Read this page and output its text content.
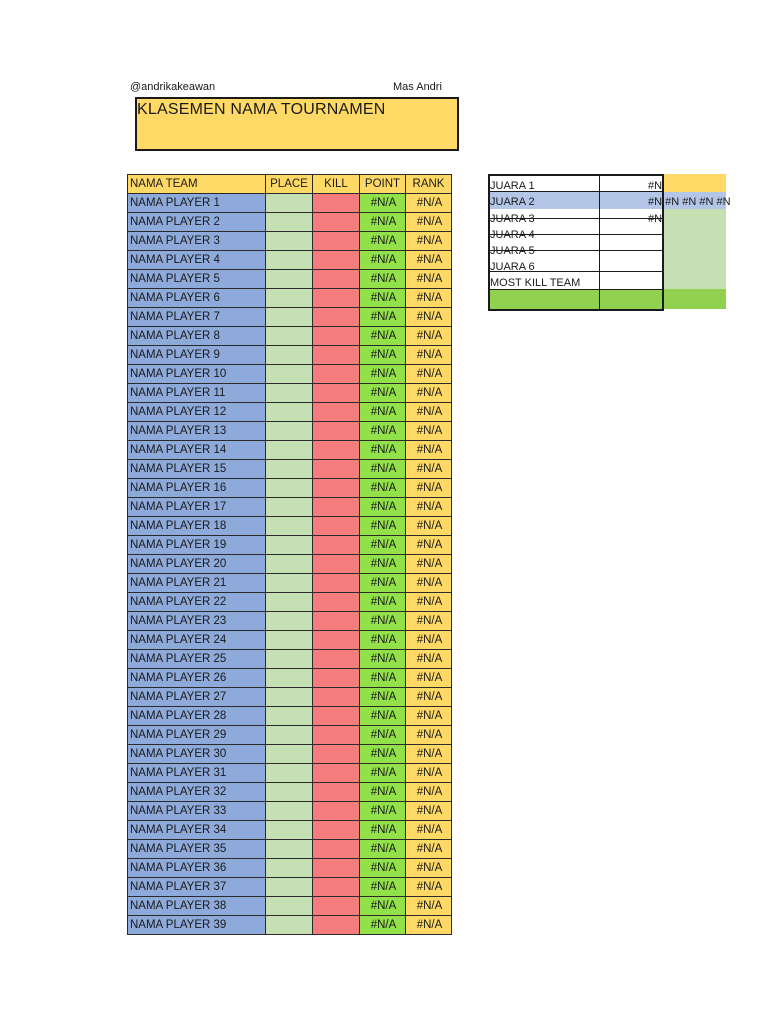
@andrikakeawan	Mas Andri
KLASEMEN NAMA TOURNAMEN
NAMA TEAM	PLACE	KILL	POINT	RANK
NAMA PLAYER 1			#N/A	#N/A
NAMA PLAYER 2			#N/A	#N/A
NAMA PLAYER 3			#N/A	#N/A
NAMA PLAYER 4			#N/A	#N/A
NAMA PLAYER 5			#N/A	#N/A
NAMA PLAYER 6			#N/A	#N/A
NAMA PLAYER 7			#N/A	#N/A
NAMA PLAYER 8			#N/A	#N/A
NAMA PLAYER 9			#N/A	#N/A
NAMA PLAYER 10			#N/A	#N/A
NAMA PLAYER 11			#N/A	#N/A
NAMA PLAYER 12			#N/A	#N/A
NAMA PLAYER 13			#N/A	#N/A
NAMA PLAYER 14			#N/A	#N/A
NAMA PLAYER 15			#N/A	#N/A
NAMA PLAYER 16			#N/A	#N/A
NAMA PLAYER 17			#N/A	#N/A
NAMA PLAYER 18			#N/A	#N/A
NAMA PLAYER 19			#N/A	#N/A
NAMA PLAYER 20			#N/A	#N/A
NAMA PLAYER 21			#N/A	#N/A
NAMA PLAYER 22			#N/A	#N/A
NAMA PLAYER 23			#N/A	#N/A
NAMA PLAYER 24			#N/A	#N/A
NAMA PLAYER 25			#N/A	#N/A
NAMA PLAYER 26			#N/A	#N/A
NAMA PLAYER 27			#N/A	#N/A
NAMA PLAYER 28			#N/A	#N/A
NAMA PLAYER 29			#N/A	#N/A
NAMA PLAYER 30			#N/A	#N/A
NAMA PLAYER 31			#N/A	#N/A
NAMA PLAYER 32			#N/A	#N/A
NAMA PLAYER 33			#N/A	#N/A
NAMA PLAYER 34			#N/A	#N/A
NAMA PLAYER 35			#N/A	#N/A
NAMA PLAYER 36			#N/A	#N/A
NAMA PLAYER 37			#N/A	#N/A
NAMA PLAYER 38			#N/A	#N/A
NAMA PLAYER 39			#N/A	#N/A
JUARA 1	#N
JUARA 2	#N #N #N #N #N
JUARA 3	#N
JUARA 4
JUARA 5
JUARA 6
MOST KILL TEAM
